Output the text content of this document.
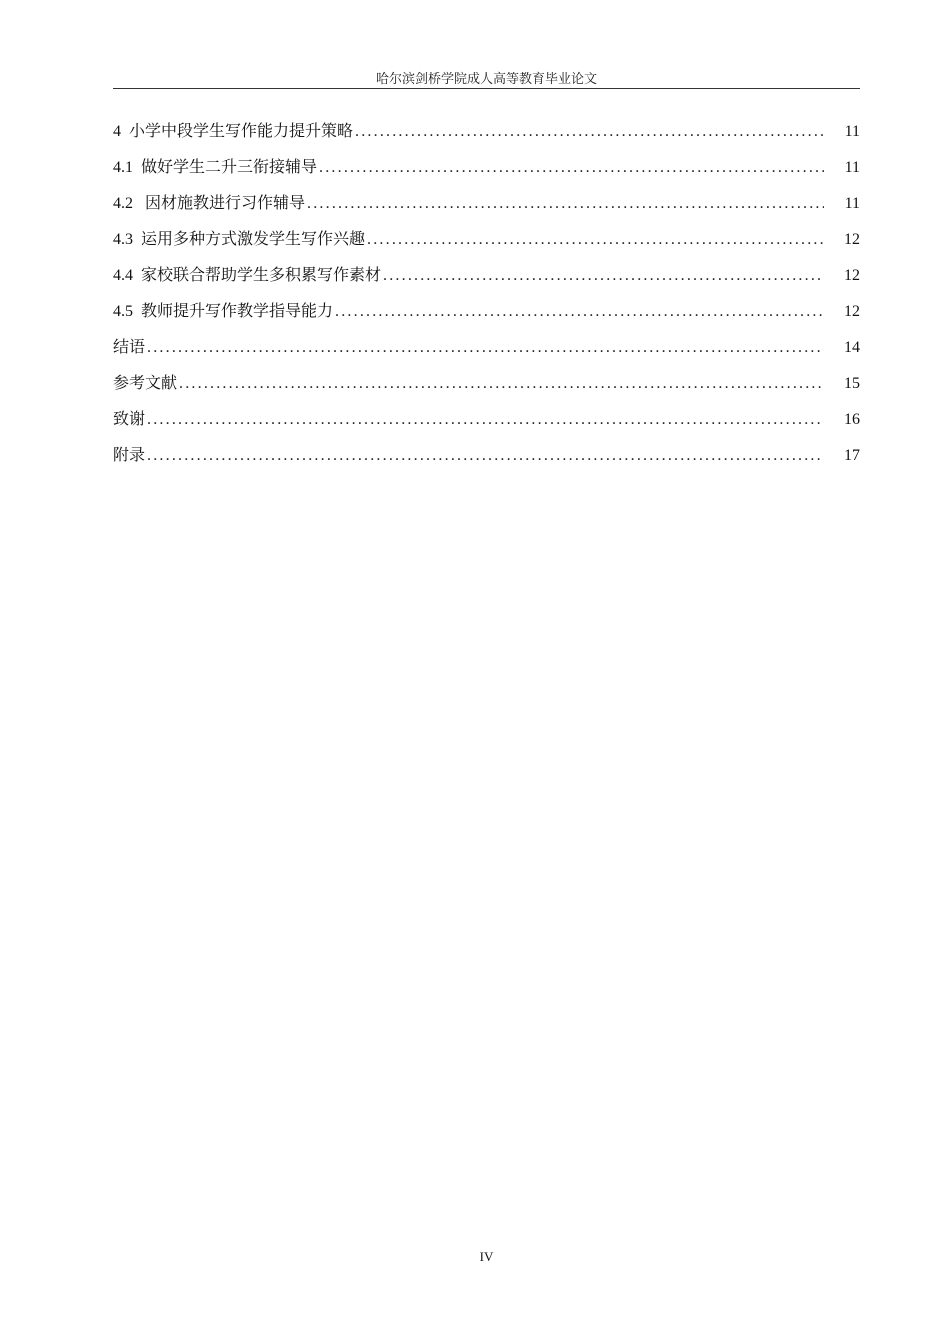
哈尔滨剑桥学院成人高等教育毕业论文
4  小学中段学生写作能力提升策略 .....	11
4.1  做好学生二升三衔接辅导 .....	11
4.2   因材施教进行习作辅导 .....	11
4.3  运用多种方式激发学生写作兴趣 .....	12
4.4  家校联合帮助学生多积累写作素材 .....	12
4.5  教师提升写作教学指导能力 .....	12
结语 .....	14
参考文献 .....	15
致谢 .....	16
附录 .....	17
IV
